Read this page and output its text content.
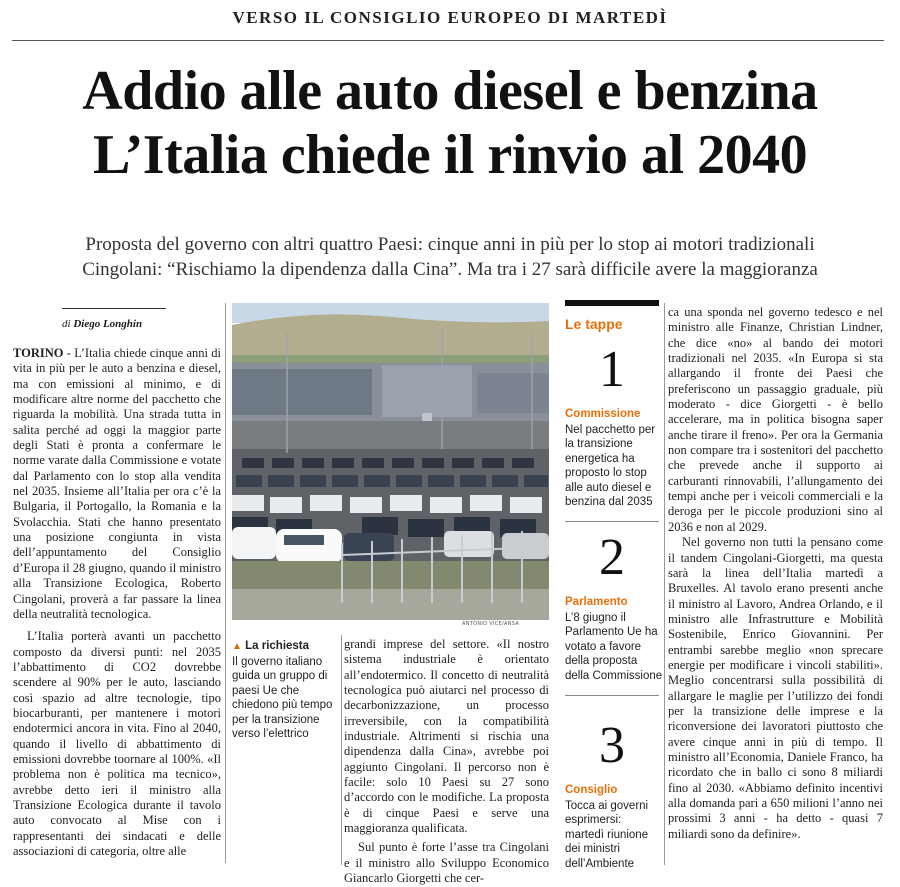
VERSO IL CONSIGLIO EUROPEO DI MARTEDÌ
Addio alle auto diesel e benzina
L’Italia chiede il rinvio al 2040
Proposta del governo con altri quattro Paesi: cinque anni in più per lo stop ai motori tradizionali
Cingolani: “Rischiamo la dipendenza dalla Cina”. Ma tra i 27 sarà difficile avere la maggioranza
di Diego Longhin

TORINO - L’Italia chiede cinque anni di vita in più per le auto a benzina e diesel, ma con emissioni al minimo, e di modificare altre norme del pacchetto che riguarda la mobilità. Una strada tutta in salita perché ad oggi la maggior parte degli Stati è pronta a confermare le norme varate dalla Commissione e votate dal Parlamento con lo stop alla vendita nel 2035. Insieme all’Italia per ora c’è la Bulgaria, il Portogallo, la Romania e la Svolacchia. Stati che hanno presentato una posizione congiunta in vista dell’appuntamento del Consiglio d’Europa il 28 giugno, quando il ministro alla Transizione Ecologica, Roberto Cingolani, proverà a far passare la linea della neutralità tecnologica.

L’Italia porterà avanti un pacchetto composto da diversi punti: nel 2035 l’abbattimento di CO2 dovrebbe scendere al 90% per le auto, lasciando così spazio ad altre tecnologie, tipo biocarburanti, per mantenere i motori endotermici ancora in vita. Fino al 2040, quando il livello di abbattimento di emissioni dovrebbe toornare al 100%. «Il problema non è politica ma tecnico», avrebbe detto ieri il ministro alla Transizione Ecologica durante il tavolo auto convocato al Mise con i rappresentanti dei sindacati e delle associazioni di categoria, oltre alle

ANTONIO VICE/ANSA
▲ La richiesta
Il governo italiano guida un gruppo di paesi Ue che chiedono più tempo per la transizione verso l’elettrico

grandi imprese del settore. «Il nostro sistema industriale è orientato all’endotermico. Il concetto di neutralità tecnologica può aiutarci nel processo di decarbonizzazione, un processo irreversibile, con la compatibilità industriale. Altrimenti si rischia una dipendenza dalla Cina», avrebbe poi aggiunto Cingolani. Il percorso non è facile: solo 10 Paesi su 27 sono d’accordo con le modifiche. La proposta è di cinque Paesi e serve una maggioranza qualificata.

Sul punto è forte l’asse tra Cingolani e il ministro allo Sviluppo Economico Giancarlo Giorgetti che cer-

Le tappe
1
Commissione
Nel pacchetto per la transizione energetica ha proposto lo stop alle auto diesel e benzina dal 2035
2
Parlamento
L’8 giugno il Parlamento Ue ha votato a favore della proposta della Commissione
3
Consiglio
Tocca ai governi esprimersi: martedì riunione dei ministri dell’Ambiente

ca una sponda nel governo tedesco e nel ministro alle Finanze, Christian Lindner, che dice «no» al bando dei motori tradizionali nel 2035. «In Europa si sta allargando il fronte dei Paesi che preferiscono un passaggio graduale, più moderato - dice Giorgetti - è bello accelerare, ma in politica bisogna saper anche tirare il freno». Per ora la Germania non compare tra i sostenitori del pacchetto che prevede anche il supporto ai carburanti rinnovabili, l’allungamento dei tempi anche per i veicoli commerciali e la deroga per le piccole produzioni sino al 2036 e non al 2029.

Nel governo non tutti la pensano come il tandem Cingolani-Giorgetti, ma questa sarà la linea dell’Italia martedì a Bruxelles. Al tavolo erano presenti anche il ministro al Lavoro, Andrea Orlando, e il ministro alle Infrastrutture e Mobilità Sostenibile, Enrico Giovannini. Per entrambi sarebbe meglio «non sprecare energie per modificare i vincoli stabiliti». Meglio concentrarsi sulla possibilità di allargare le maglie per l’utilizzo dei fondi per la transizione delle imprese e la riconversione dei lavoratori piuttosto che avere cinque anni in più di tempo. Il ministro all’Economia, Daniele Franco, ha ricordato che in ballo ci sono 8 miliardi fino al 2030. «Abbiamo definito incentivi alla domanda pari a 650 milioni l’anno nei prossimi 3 anni - ha detto - quasi 7 miliardi sono da definire».
